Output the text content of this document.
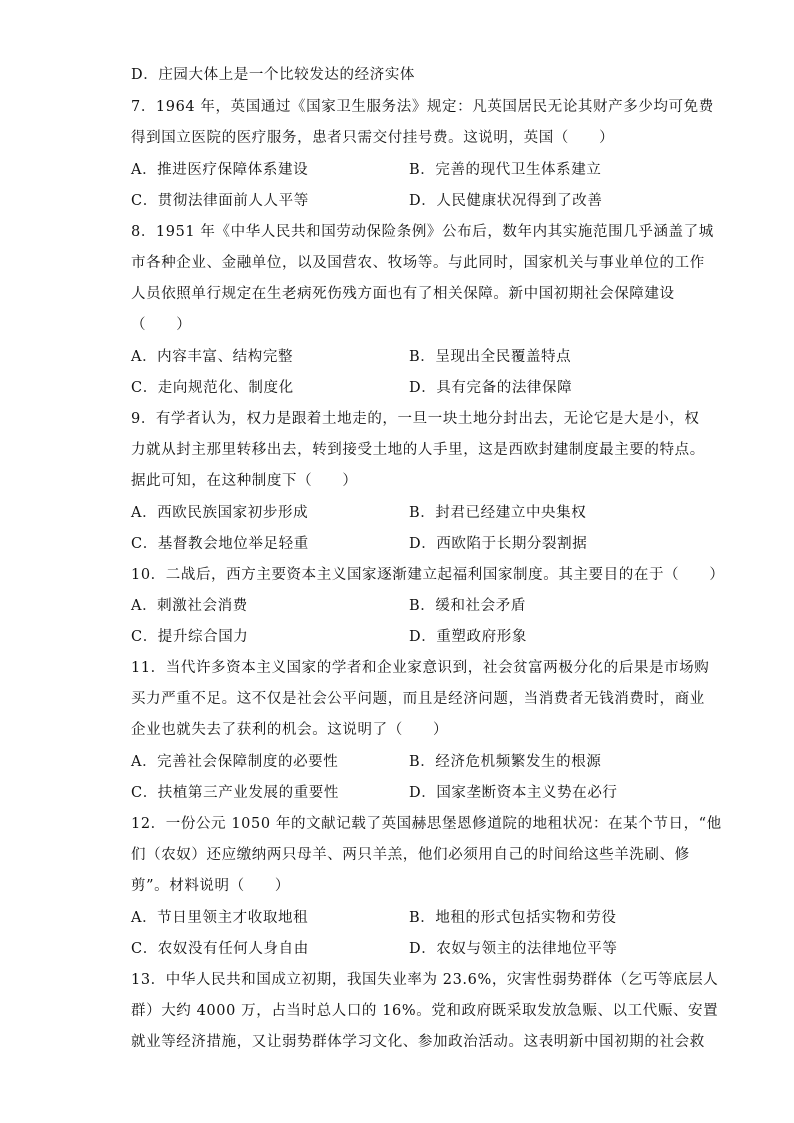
D．庄园大体上是一个比较发达的经济实体
7．1964 年，英国通过《国家卫生服务法》规定：凡英国居民无论其财产多少均可免费
得到国立医院的医疗服务，患者只需交付挂号费。这说明，英国（　　）
A．推进医疗保障体系建设	B．完善的现代卫生体系建立
C．贯彻法律面前人人平等	D．人民健康状况得到了改善
8．1951 年《中华人民共和国劳动保险条例》公布后，数年内其实施范围几乎涵盖了城
市各种企业、金融单位，以及国营农、牧场等。与此同时，国家机关与事业单位的工作
人员依照单行规定在生老病死伤残方面也有了相关保障。新中国初期社会保障建设
（　　）
A．内容丰富、结构完整	B．呈现出全民覆盖特点
C．走向规范化、制度化	D．具有完备的法律保障
9．有学者认为，权力是跟着土地走的，一旦一块土地分封出去，无论它是大是小，权
力就从封主那里转移出去，转到接受土地的人手里，这是西欧封建制度最主要的特点。
据此可知，在这种制度下（　　）
A．西欧民族国家初步形成	B．封君已经建立中央集权
C．基督教会地位举足轻重	D．西欧陷于长期分裂割据
10．二战后，西方主要资本主义国家逐渐建立起福利国家制度。其主要目的在于（　　）
A．刺激社会消费	B．缓和社会矛盾
C．提升综合国力	D．重塑政府形象
11．当代许多资本主义国家的学者和企业家意识到，社会贫富两极分化的后果是市场购
买力严重不足。这不仅是社会公平问题，而且是经济问题，当消费者无钱消费时，商业
企业也就失去了获利的机会。这说明了（　　）
A．完善社会保障制度的必要性	B．经济危机频繁发生的根源
C．扶植第三产业发展的重要性	D．国家垄断资本主义势在必行
12．一份公元 1050 年的文献记载了英国赫思堡恩修道院的地租状况：在某个节日，“他
们（农奴）还应缴纳两只母羊、两只羊羔，他们必须用自己的时间给这些羊洗刷、修
剪”。材料说明（　　）
A．节日里领主才收取地租	B．地租的形式包括实物和劳役
C．农奴没有任何人身自由	D．农奴与领主的法律地位平等
13．中华人民共和国成立初期，我国失业率为 23.6%，灾害性弱势群体（乞丐等底层人
群）大约 4000 万，占当时总人口的 16%。党和政府既采取发放急赈、以工代赈、安置
就业等经济措施，又让弱势群体学习文化、参加政治活动。这表明新中国初期的社会救
